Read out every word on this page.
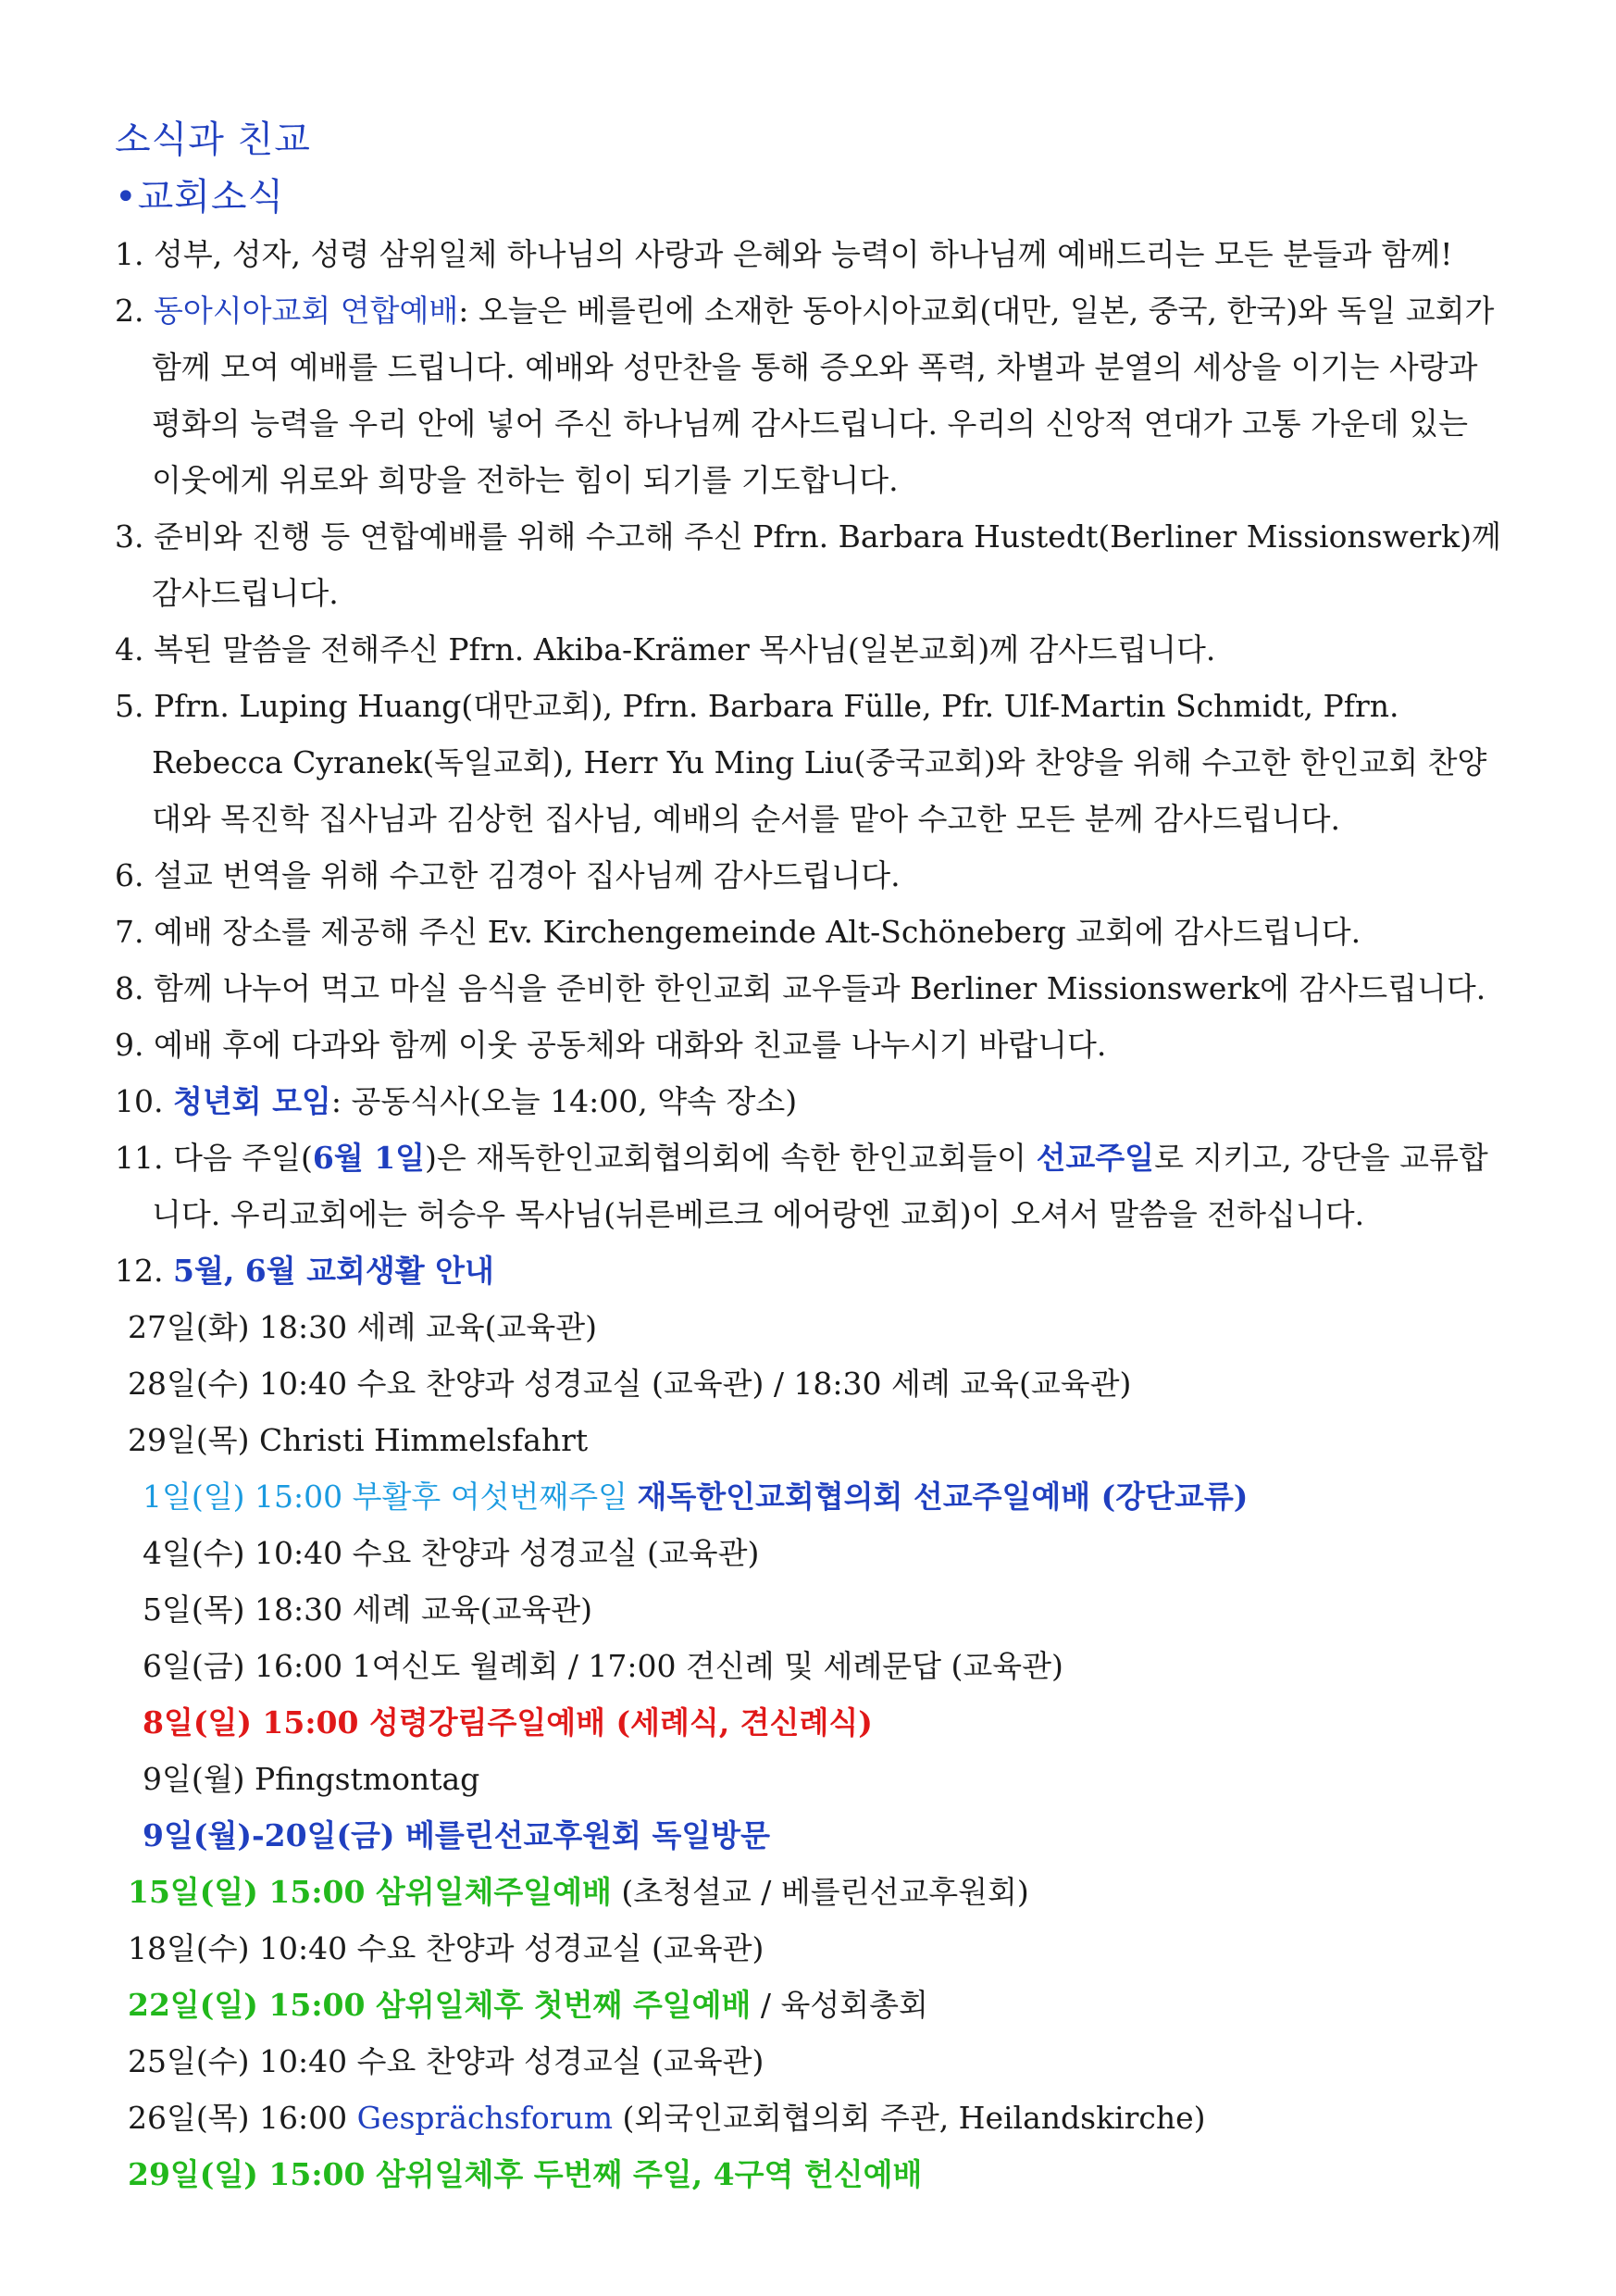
소식과 친교
•교회소식
1. 성부, 성자, 성령 삼위일체 하나님의 사랑과 은혜와 능력이 하나님께 예배드리는 모든 분들과 함께!
2. 동아시아교회 연합예배: 오늘은 베를린에 소재한 동아시아교회(대만, 일본, 중국, 한국)와 독일 교회가 함께 모여 예배를 드립니다. 예배와 성만찬을 통해 증오와 폭력, 차별과 분열의 세상을 이기는 사랑과 평화의 능력을 우리 안에 넣어 주신 하나님께 감사드립니다. 우리의 신앙적 연대가 고통 가운데 있는 이웃에게 위로와 희망을 전하는 힘이 되기를 기도합니다.
3. 준비와 진행 등 연합예배를 위해 수고해 주신 Pfrn. Barbara Hustedt(Berliner Missionswerk)께 감사드립니다.
4. 복된 말씀을 전해주신 Pfrn. Akiba-Krämer 목사님(일본교회)께 감사드립니다.
5. Pfrn. Luping Huang(대만교회), Pfrn. Barbara Fülle, Pfr. Ulf-Martin Schmidt, Pfrn. Rebecca Cyranek(독일교회), Herr Yu Ming Liu(중국교회)와 찬양을 위해 수고한 한인교회 찬양대와 목진학 집사님과 김상헌 집사님, 예배의 순서를 맡아 수고한 모든 분께 감사드립니다.
6. 설교 번역을 위해 수고한 김경아 집사님께 감사드립니다.
7. 예배 장소를 제공해 주신 Ev. Kirchengemeinde Alt-Schöneberg 교회에 감사드립니다.
8. 함께 나누어 먹고 마실 음식을 준비한 한인교회 교우들과 Berliner Missionswerk에 감사드립니다.
9. 예배 후에 다과와 함께 이웃 공동체와 대화와 친교를 나누시기 바랍니다.
10. 청년회 모임: 공동식사(오늘 14:00, 약속 장소)
11. 다음 주일(6월 1일)은 재독한인교회협의회에 속한 한인교회들이 선교주일로 지키고, 강단을 교류합니다. 우리교회에는 허승우 목사님(뉘른베르크 에어랑엔 교회)이 오셔서 말씀을 전하십니다.
12. 5월, 6월 교회생활 안내
27일(화) 18:30 세례 교육(교육관)
28일(수) 10:40 수요 찬양과 성경교실 (교육관) / 18:30 세례 교육(교육관)
29일(목) Christi Himmelsfahrt
1일(일) 15:00 부활후 여섯번째주일 재독한인교회협의회 선교주일예배 (강단교류)
4일(수) 10:40 수요 찬양과 성경교실 (교육관)
5일(목) 18:30 세례 교육(교육관)
6일(금) 16:00 1여신도 월례회 / 17:00 견신례 및 세례문답 (교육관)
8일(일) 15:00 성령강림주일예배 (세례식, 견신례식)
9일(월) Pfingstmontag
9일(월)-20일(금) 베를린선교후원회 독일방문
15일(일) 15:00 삼위일체주일예배 (초청설교 / 베를린선교후원회)
18일(수) 10:40 수요 찬양과 성경교실 (교육관)
22일(일) 15:00 삼위일체후 첫번째 주일예배 / 육성회총회
25일(수) 10:40 수요 찬양과 성경교실 (교육관)
26일(목) 16:00 Gesprächsforum (외국인교회협의회 주관, Heilandskirche)
29일(일) 15:00 삼위일체후 두번째 주일, 4구역 헌신예배
